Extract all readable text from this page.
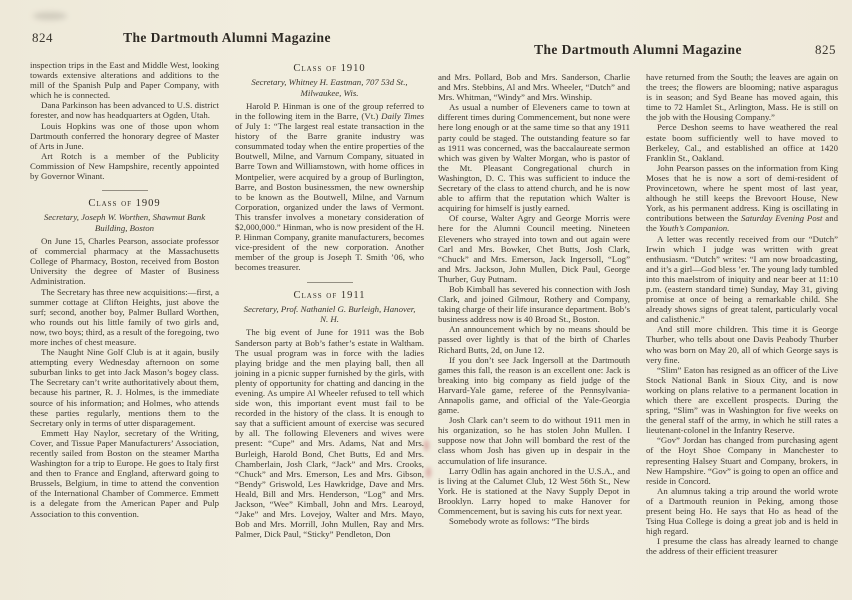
824	The Dartmouth Alumni Magazine

inspection trips in the East and Middle West, looking towards extensive alterations and additions to the mill of the Spanish Pulp and Paper Company, with which he is connected.

Dana Parkinson has been advanced to U.S. district forester, and now has headquarters at Ogden, Utah.

Louis Hopkins was one of those upon whom Dartmouth conferred the honorary degree of Master of Arts in June.

Art Rotch is a member of the Publicity Commission of New Hampshire, recently appointed by Governor Winant.

Class of 1909
Secretary, Joseph W. Worthen, Shawmut Bank Building, Boston

On June 15, Charles Pearson, associate professor of commercial pharmacy at the Massachusetts College of Pharmacy, Boston, received from Boston University the degree of Master of Business Administration.

The Secretary has three new acquisitions:—first, a summer cottage at Clifton Heights, just above the surf; second, another boy, Palmer Bullard Worthen, who rounds out his little family of two girls and, now, two boys; third, as a result of the foregoing, two more inches of chest measure.

The Naught Nine Golf Club is at it again, busily attempting every Wednesday afternoon on some suburban links to get into Jack Mason’s bogey class. The Secretary can’t write authoritatively about them, because his partner, R. J. Holmes, is the immediate source of his information; and Holmes, who attends these parties regularly, mentions them to the Secretary only in terms of utter disparagement.

Emmett Hay Naylor, secretary of the Writing, Cover, and Tissue Paper Manufacturers’ Association, recently sailed from Boston on the steamer Martha Washington for a trip to Europe. He goes to Italy first and then to France and England, afterward going to Brussels, Belgium, in time to attend the convention of the International Chamber of Commerce. Emmett is a delegate from the American Paper and Pulp Association to this convention.

Class of 1910
Secretary, Whitney H. Eastman, 707 53d St., Milwaukee, Wis.

Harold P. Hinman is one of the group referred to in the following item in the Barre, (Vt.) Daily Times of July 1: “The largest real estate transaction in the history of the Barre granite industry was consummated today when the entire properties of the Boutwell, Milne, and Varnum Company, situated in Barre Town and Williamstown, with home offices in Montpelier, were acquired by a group of Burlington, Barre, and Boston businessmen, the new ownership to be known as the Boutwell, Milne, and Varnum Corporation, organized under the laws of Vermont. This transfer involves a monetary consideration of $2,000,000.” Hinman, who is now president of the H. P. Hinman Company, granite manufacturers, becomes vice-president of the new corporation. Another member of the group is Joseph T. Smith ’06, who becomes treasurer.

Class of 1911
Secretary, Prof. Nathaniel G. Burleigh, Hanover, N. H.

The big event of June for 1911 was the Bob Sanderson party at Bob’s father’s estate in Waltham. The usual program was in force with the ladies playing bridge and the men playing ball, then all joining in a picnic supper furnished by the girls, with plenty of opportunity for chatting and dancing in the evening. As umpire Al Wheeler refused to tell which side won, this important event must fail to be recorded in the history of the class. It is enough to say that a sufficient amount of exercise was secured by all. The following Eleveners and wives were present: “Cupe” and Mrs. Adams, Nat and Mrs. Burleigh, Harold Bond, Chet Butts, Ed and Mrs. Chamberlain, Josh Clark, “Jack” and Mrs. Crooks, “Chuck” and Mrs. Emerson, Les and Mrs. Gibson, “Bendy” Griswold, Les Hawkridge, Dave and Mrs. Heald, Bill and Mrs. Henderson, “Log” and Mrs. Jackson, “Wee” Kimball, John and Mrs. Learoyd, “Jake” and Mrs. Lovejoy, Walter and Mrs. Mayo, Bob and Mrs. Morrill, John Mullen, Ray and Mrs. Palmer, Dick Paul, “Sticky” Pendleton, Don

825
The Dartmouth Alumni Magazine

and Mrs. Pollard, Bob and Mrs. Sanderson, Charlie and Mrs. Stebbins, Al and Mrs. Wheeler, “Dutch” and Mrs. Whitman, “Windy” and Mrs. Winship.

As usual a number of Eleveners came to town at different times during Commencement, but none were here long enough or at the same time so that any 1911 party could be staged. The outstanding feature so far as 1911 was concerned, was the baccalaureate sermon which was given by Walter Morgan, who is pastor of the Mt. Pleasant Congregational church in Washington, D. C. This was sufficient to induce the Secretary of the class to attend church, and he is now able to affirm that the reputation which Walter is acquiring for himself is justly earned.

Of course, Walter Agry and George Morris were here for the Alumni Council meeting. Nineteen Eleveners who strayed into town and out again were Carl and Mrs. Bowker, Chet Butts, Josh Clark, “Chuck” and Mrs. Emerson, Jack Ingersoll, “Log” and Mrs. Jackson, John Mullen, Dick Paul, George Thurber, Guy Putnam.

Bob Kimball has severed his connection with Josh Clark, and joined Gilmour, Rothery and Company, taking charge of their life insurance department. Bob’s business address now is 40 Broad St., Boston.

An announcement which by no means should be passed over lightly is that of the birth of Charles Richard Butts, 2d, on June 12.

If you don’t see Jack Ingersoll at the Dartmouth games this fall, the reason is an excellent one: Jack is breaking into big company as field judge of the Harvard-Yale game, referee of the Pennsylvania-Annapolis game, and official of the Yale-Georgia game.

Josh Clark can’t seem to do without 1911 men in his organization, so he has stolen John Mullen. I suppose now that John will bombard the rest of the class whom Josh has given up in despair in the accumulation of life insurance.

Larry Odlin has again anchored in the U.S.A., and is living at the Calumet Club, 12 West 56th St., New York. He is stationed at the Navy Supply Depot in Brooklyn. Larry hoped to make Hanover for Commencement, but is saving his cuts for next year.

Somebody wrote as follows: “The birds

have returned from the South; the leaves are again on the trees; the flowers are blooming; native asparagus is in season; and Syd Beane has moved again, this time to 72 Hamlet St., Arlington, Mass. He is still on the job with the Housing Company.”

Perce Deshon seems to have weathered the real estate boom sufficiently well to have moved to Berkeley, Cal., and established an office at 1420 Franklin St., Oakland.

John Pearson passes on the information from King Moses that he is now a sort of demi-resident of Provincetown, where he spent most of last year, although he still keeps the Brevoort House, New York, as his permanent address. King is oscillating in contributions between the Saturday Evening Post and the Youth’s Companion.

A letter was recently received from our “Dutch” Irwin which I judge was written with great enthusiasm. “Dutch” writes: “I am now broadcasting, and it’s a girl—God bless ’er. The young lady tumbled into this maelstrom of iniquity and near beer at 11:10 p.m. (eastern standard time) Sunday, May 31, giving promise at once of being a remarkable child. She already shows signs of great talent, particularly vocal and calisthenic.”

And still more children. This time it is George Thurber, who tells about one Davis Peabody Thurber who was born on May 20, all of which George says is very fine.

“Slim” Eaton has resigned as an officer of the Live Stock National Bank in Sioux City, and is now working on plans relative to a permanent location in which there are excellent prospects. During the spring, “Slim” was in Washington for five weeks on the general staff of the army, in which he still rates a lieutenant-colonel in the Infantry Reserve.

“Gov” Jordan has changed from purchasing agent of the Hoyt Shoe Company in Manchester to representing Halsey Stuart and Company, brokers, in New Hampshire. “Gov” is going to open an office and reside in Concord.

An alumnus taking a trip around the world wrote of a Dartmouth reunion in Peking, among those present being Ho. He says that Ho as head of the Tsing Hua College is doing a great job and is held in high regard.

I presume the class has already learned to change the address of their efficient treasurer
